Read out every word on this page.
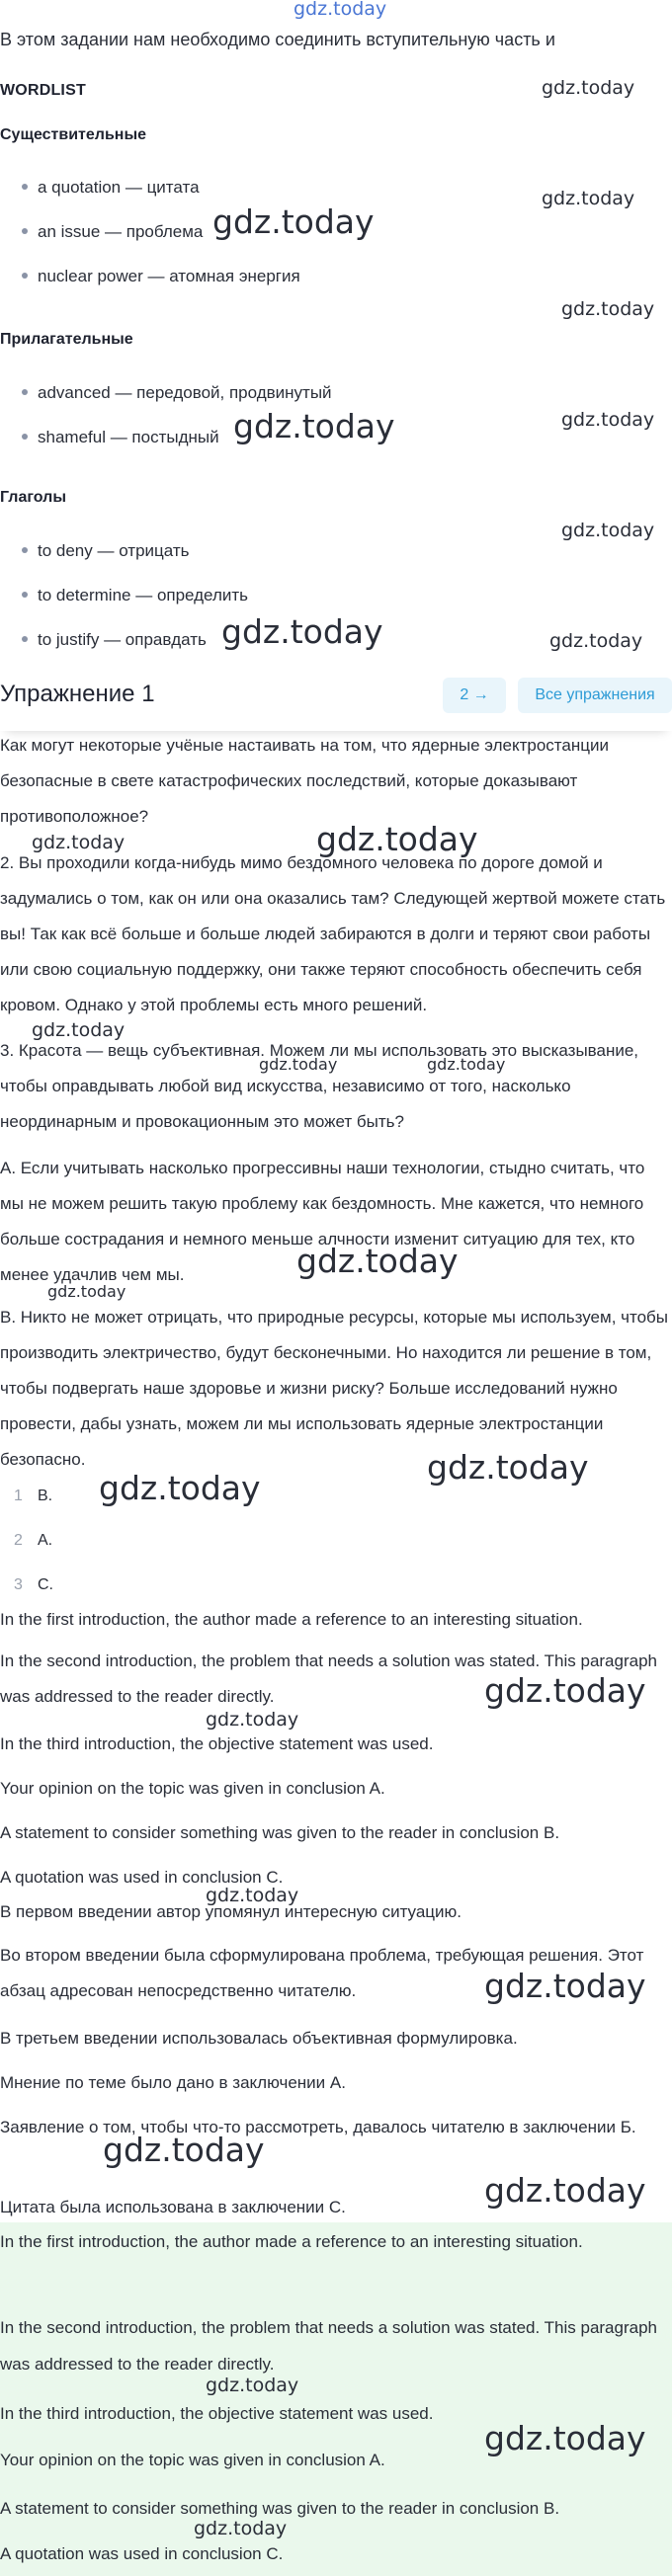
gdz.today
В этом задании нам необходимо соединить вступительную часть и
WORDLIST
Существительные
a quotation — цитата
an issue — проблема
nuclear power — атомная энергия
Прилагательные
advanced — передовой, продвинутый
shameful — постыдный
Глаголы
to deny — отрицать
to determine — определить
to justify — оправдать
Упражнение 1	2 →	Все упражнения
Как могут некоторые учёные настаивать на том, что ядерные электростанции безопасные в свете катастрофических последствий, которые доказывают противоположное?
2. Вы проходили когда-нибудь мимо бездомного человека по дороге домой и задумались о том, как он или она оказались там? Следующей жертвой можете стать вы! Так как всё больше и больше людей забираются в долги и теряют свои работы или свою социальную поддержку, они также теряют способность обеспечить себя кровом. Однако у этой проблемы есть много решений.
3. Красота — вещь субъективная. Можем ли мы использовать это высказывание, чтобы оправдывать любой вид искусства, независимо от того, насколько неординарным и провокационным это может быть?
A. Если учитывать насколько прогрессивны наши технологии, стыдно считать, что мы не можем решить такую проблему как бездомность. Мне кажется, что немного больше сострадания и немного меньше алчности изменит ситуацию для тех, кто менее удачлив чем мы.
B. Никто не может отрицать, что природные ресурсы, которые мы используем, чтобы производить электричество, будут бесконечными. Но находится ли решение в том, чтобы подвергать наше здоровье и жизни риску? Больше исследований нужно провести, дабы узнать, можем ли мы использовать ядерные электростанции безопасно.
1 B.
2 A.
3 C.
In the first introduction, the author made a reference to an interesting situation.
In the second introduction, the problem that needs a solution was stated. This paragraph was addressed to the reader directly.
In the third introduction, the objective statement was used.
Your opinion on the topic was given in conclusion A.
A statement to consider something was given to the reader in conclusion B.
A quotation was used in conclusion C.
В первом введении автор упомянул интересную ситуацию.
Во втором введении была сформулирована проблема, требующая решения. Этот абзац адресован непосредственно читателю.
В третьем введении использовалась объективная формулировка.
Мнение по теме было дано в заключении A.
Заявление о том, чтобы что-то рассмотреть, давалось читателю в заключении Б.
Цитата была использована в заключении C.
In the first introduction, the author made a reference to an interesting situation.
In the second introduction, the problem that needs a solution was stated. This paragraph was addressed to the reader directly.
In the third introduction, the objective statement was used.
Your opinion on the topic was given in conclusion A.
A statement to consider something was given to the reader in conclusion B.
A quotation was used in conclusion C.
gdz.today
gdz.today
gdz.today
gdz.today
gdz.today
gdz.today
gdz.today
gdz.today
gdz.today
gdz.today
gdz.today
gdz.today
gdz.today	gdz.today
gdz.today
gdz.today
gdz.today
gdz.today
gdz.today
gdz.today
gdz.today
gdz.today
gdz.today
gdz.today
gdz.today
gdz.today
gdz.today
